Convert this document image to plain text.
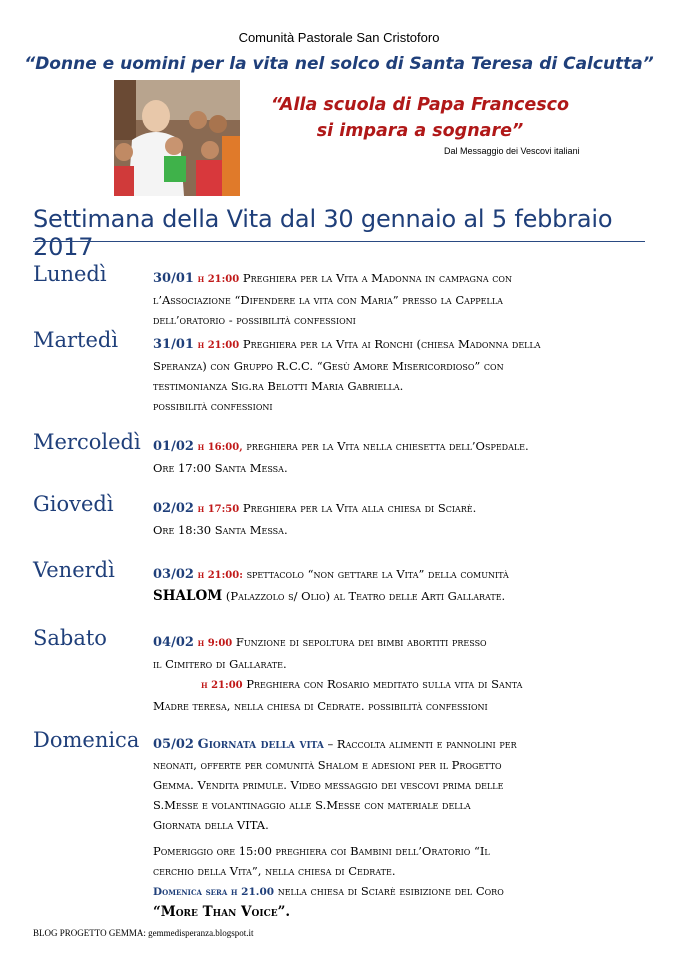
Comunità Pastorale San Cristoforo
“Donne e uomini per la vita nel solco di Santa Teresa di Calcutta”
“Alla scuola di Papa Francesco
si impara a sognare”
Dal Messaggio dei Vescovi italiani
Settimana della Vita dal 30 gennaio al 5 febbraio 2017
Lunedì	30/01 h 21:00 Preghiera per la Vita a Madonna in campagna con
l’Associazione “Difendere la vita con Maria” presso la Cappella
dell’oratorio - possibilità confessioni
Martedì	31/01 h 21:00 Preghiera per la Vita ai Ronchi (chiesa Madonna della
Speranza) con Gruppo R.C.C. “Gesù Amore Misericordioso” con
testimonianza Sig.ra Belotti Maria Gabriella.
possibilità confessioni
Mercoledì 01/02 h 16:00, preghiera per la Vita nella chiesetta dell’Ospedale.
Ore 17:00 Santa Messa.
Giovedì	02/02 h 17:50 Preghiera per la Vita alla chiesa di Sciarè.
Ore 18:30 Santa Messa.
Venerdì	03/02 h 21:00: spettacolo “non gettare la Vita” della comunità
SHALOM (Palazzolo s/ Olio) al Teatro delle Arti Gallarate.
Sabato	04/02 h 9:00 Funzione di sepoltura dei bimbi abortiti presso
il Cimitero di Gallarate.
h 21:00 Preghiera con Rosario meditato sulla vita di Santa
Madre teresa, nella chiesa di Cedrate. possibilità confessioni
Domenica 05/02 Giornata della vita – Raccolta alimenti e pannolini per
neonati, offerte per comunità Shalom e adesioni per il Progetto
Gemma. Vendita primule. Video messaggio dei vescovi prima delle
S.Messe e volantinaggio alle S.Messe con materiale della
Giornata della VITA.
Pomeriggio ore 15:00 preghiera coi Bambini dell’Oratorio “Il
cerchio della Vita”, nella chiesa di Cedrate.
Domenica sera h 21.00 nella chiesa di Sciarè esibizione del Coro
“More Than Voice”.
BLOG PROGETTO GEMMA: gemmedisperanza.blogspot.it
